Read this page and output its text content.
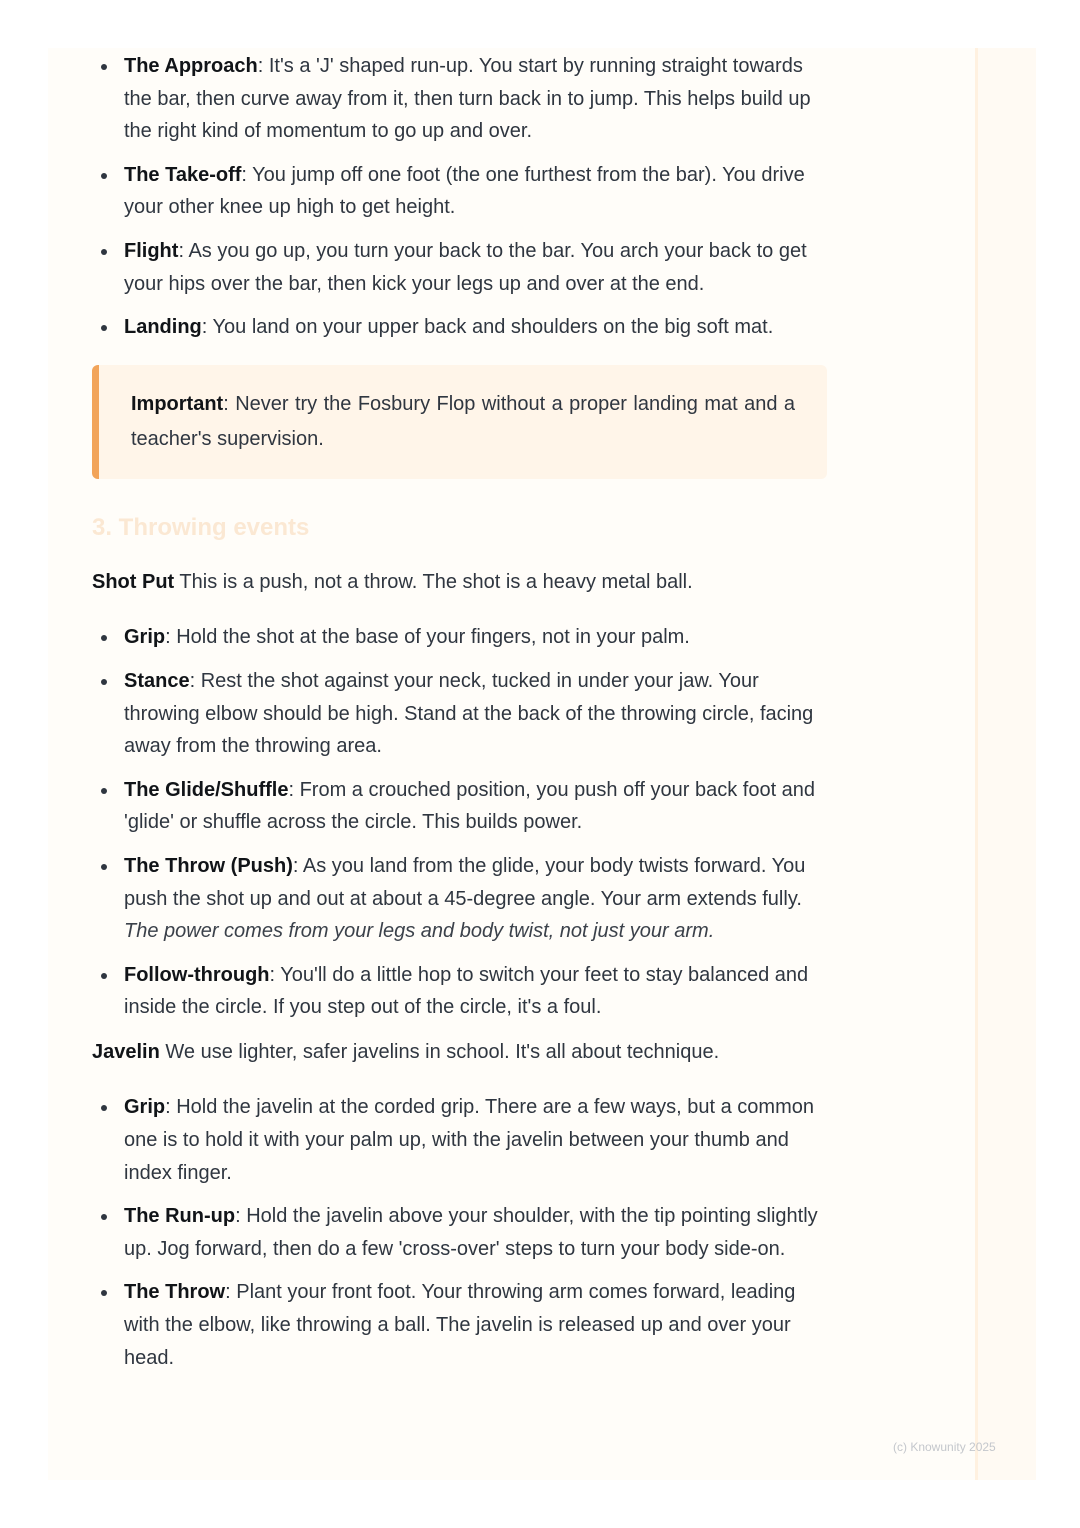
The Approach: It's a 'J' shaped run-up. You start by running straight towards the bar, then curve away from it, then turn back in to jump. This helps build up the right kind of momentum to go up and over.
The Take-off: You jump off one foot (the one furthest from the bar). You drive your other knee up high to get height.
Flight: As you go up, you turn your back to the bar. You arch your back to get your hips over the bar, then kick your legs up and over at the end.
Landing: You land on your upper back and shoulders on the big soft mat.
Important: Never try the Fosbury Flop without a proper landing mat and a teacher's supervision.
3. Throwing events

Shot Put This is a push, not a throw. The shot is a heavy metal ball.

Grip: Hold the shot at the base of your fingers, not in your palm.
Stance: Rest the shot against your neck, tucked in under your jaw. Your throwing elbow should be high. Stand at the back of the throwing circle, facing away from the throwing area.
The Glide/Shuffle: From a crouched position, you push off your back foot and 'glide' or shuffle across the circle. This builds power.
The Throw (Push): As you land from the glide, your body twists forward. You push the shot up and out at about a 45-degree angle. Your arm extends fully. The power comes from your legs and body twist, not just your arm.
Follow-through: You'll do a little hop to switch your feet to stay balanced and inside the circle. If you step out of the circle, it's a foul.

Javelin We use lighter, safer javelins in school. It's all about technique.

Grip: Hold the javelin at the corded grip. There are a few ways, but a common one is to hold it with your palm up, with the javelin between your thumb and index finger.
The Run-up: Hold the javelin above your shoulder, with the tip pointing slightly up. Jog forward, then do a few 'cross-over' steps to turn your body side-on.
The Throw: Plant your front foot. Your throwing arm comes forward, leading with the elbow, like throwing a ball. The javelin is released up and over your head.
(c) Knowunity 2025
